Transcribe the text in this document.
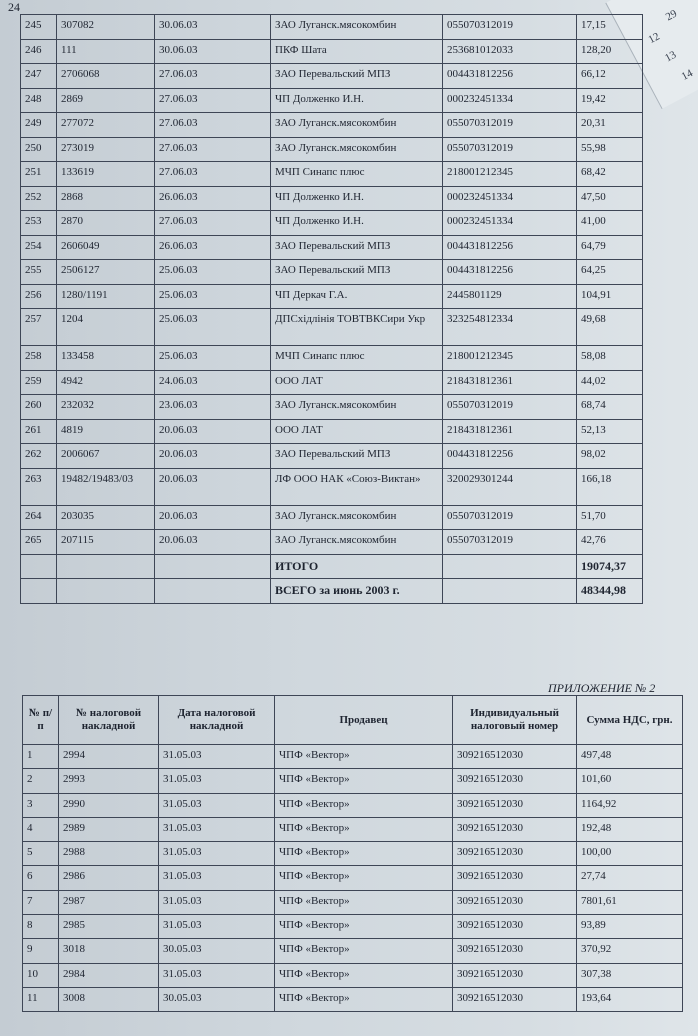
12
13
14
29
24
245	307082	30.06.03	ЗАО Луганск.мясокомбин	055070312019	17,15
246	111	30.06.03	ПКФ Шата	253681012033	128,20
247	2706068	27.06.03	ЗАО Перевальский МПЗ	004431812256	66,12
248	2869	27.06.03	ЧП Долженко И.Н.	000232451334	19,42
249	277072	27.06.03	ЗАО Луганск.мясокомбин	055070312019	20,31
250	273019	27.06.03	ЗАО Луганск.мясокомбин	055070312019	55,98
251	133619	27.06.03	МЧП Синапс плюс	218001212345	68,42
252	2868	26.06.03	ЧП Долженко И.Н.	000232451334	47,50
253	2870	27.06.03	ЧП Долженко И.Н.	000232451334	41,00
254	2606049	26.06.03	ЗАО Перевальский МПЗ	004431812256	64,79
255	2506127	25.06.03	ЗАО Перевальский МПЗ	004431812256	64,25
256	1280/1191	25.06.03	ЧП Деркач Г.А.	2445801129	104,91
257	1204	25.06.03	ДПСхідлінія ТОВТВКСири Укр	323254812334	49,68
258	133458	25.06.03	МЧП Синапс плюс	218001212345	58,08
259	4942	24.06.03	ООО ЛАТ	218431812361	44,02
260	232032	23.06.03	ЗАО Луганск.мясокомбин	055070312019	68,74
261	4819	20.06.03	ООО ЛАТ	218431812361	52,13
262	2006067	20.06.03	ЗАО Перевальский МПЗ	004431812256	98,02
263	19482/19483/03	20.06.03	ЛФ ООО НАК «Союз-Виктан»	320029301244	166,18
264	203035	20.06.03	ЗАО Луганск.мясокомбин	055070312019	51,70
265	207115	20.06.03	ЗАО Луганск.мясокомбин	055070312019	42,76
			ИТОГО		19074,37
			ВСЕГО за июнь 2003 г.		48344,98
ПРИЛОЖЕНИЕ № 2
№ п/п	№ налоговой накладной	Дата налоговой накладной	Продавец	Индивидуальный налоговый номер	Сумма НДС, грн.
1	2994	31.05.03	ЧПФ «Вектор»	309216512030	497,48
2	2993	31.05.03	ЧПФ «Вектор»	309216512030	101,60
3	2990	31.05.03	ЧПФ «Вектор»	309216512030	1164,92
4	2989	31.05.03	ЧПФ «Вектор»	309216512030	192,48
5	2988	31.05.03	ЧПФ «Вектор»	309216512030	100,00
6	2986	31.05.03	ЧПФ «Вектор»	309216512030	27,74
7	2987	31.05.03	ЧПФ «Вектор»	309216512030	7801,61
8	2985	31.05.03	ЧПФ «Вектор»	309216512030	93,89
9	3018	30.05.03	ЧПФ «Вектор»	309216512030	370,92
10	2984	31.05.03	ЧПФ «Вектор»	309216512030	307,38
11	3008	30.05.03	ЧПФ «Вектор»	309216512030	193,64
